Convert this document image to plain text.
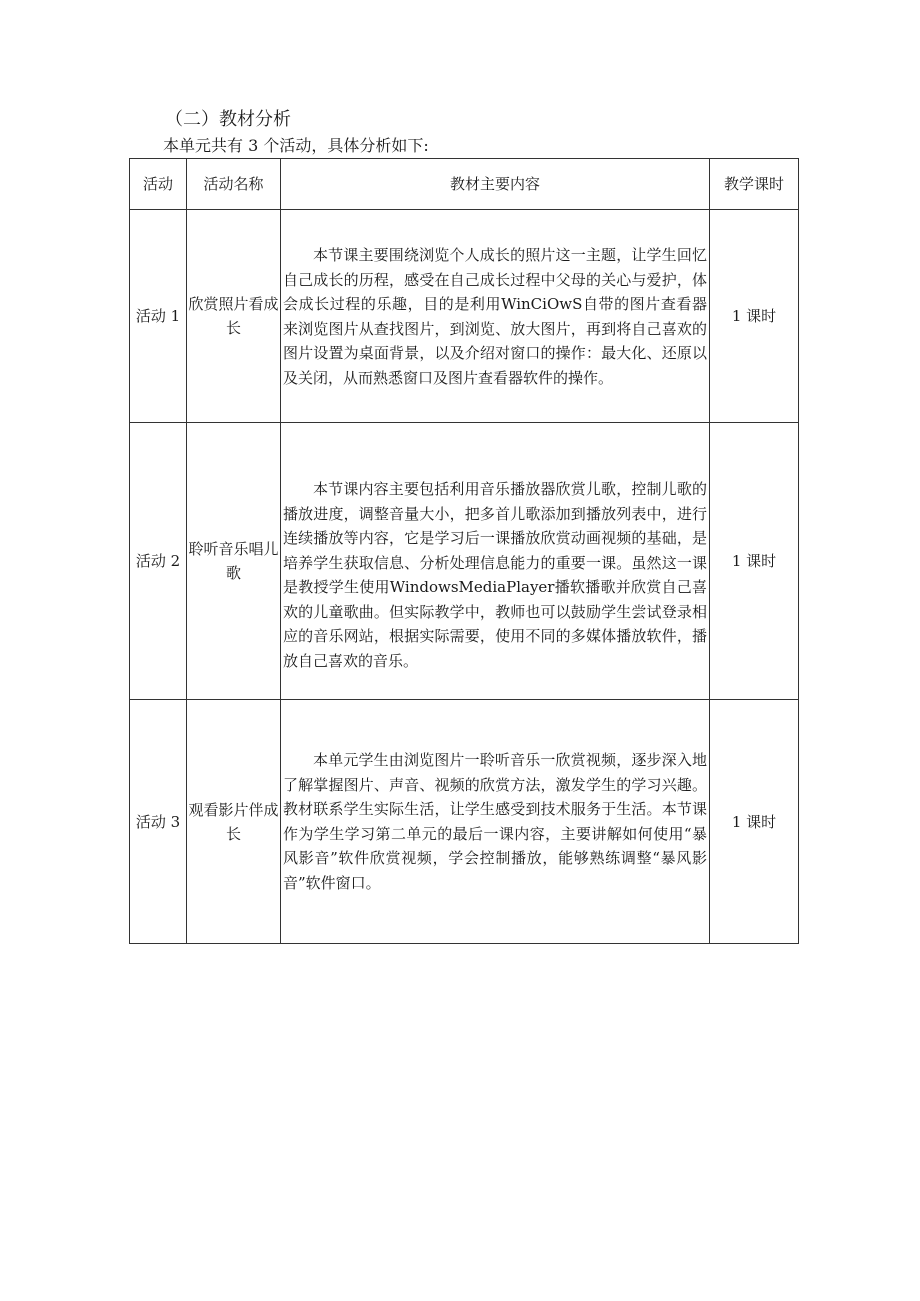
（二）教材分析
本单元共有 3 个活动，具体分析如下:
活动	活动名称	教材主要内容	教学课时
活动 1	欣赏照片看成长	本节课主要围绕浏览个人成长的照片这一主题，让学生回忆自己成长的历程，感受在自己成长过程中父母的关心与爱护，体会成长过程的乐趣，目的是利用WinCiOwS自带的图片查看器来浏览图片从查找图片，到浏览、放大图片，再到将自己喜欢的图片设置为桌面背景，以及介绍对窗口的操作：最大化、还原以及关闭，从而熟悉窗口及图片查看器软件的操作。	1 课时
活动 2	聆听音乐唱儿歌	本节课内容主要包括利用音乐播放器欣赏儿歌，控制儿歌的播放进度，调整音量大小，把多首儿歌添加到播放列表中，进行连续播放等内容，它是学习后一课播放欣赏动画视频的基础，是培养学生获取信息、分析处理信息能力的重要一课。虽然这一课是教授学生使用WindowsMediaPlayer播软播歌并欣赏自己喜欢的儿童歌曲。但实际教学中，教师也可以鼓励学生尝试登录相应的音乐网站，根据实际需要，使用不同的多媒体播放软件，播放自己喜欢的音乐。	1 课时
活动 3	观看影片伴成长	本单元学生由浏览图片一聆听音乐一欣赏视频，逐步深入地了解掌握图片、声音、视频的欣赏方法，激发学生的学习兴趣。教材联系学生实际生活，让学生感受到技术服务于生活。本节课作为学生学习第二单元的最后一课内容，主要讲解如何使用“暴风影音”软件欣赏视频，学会控制播放，能够熟练调整“暴风影音”软件窗口。	1 课时
